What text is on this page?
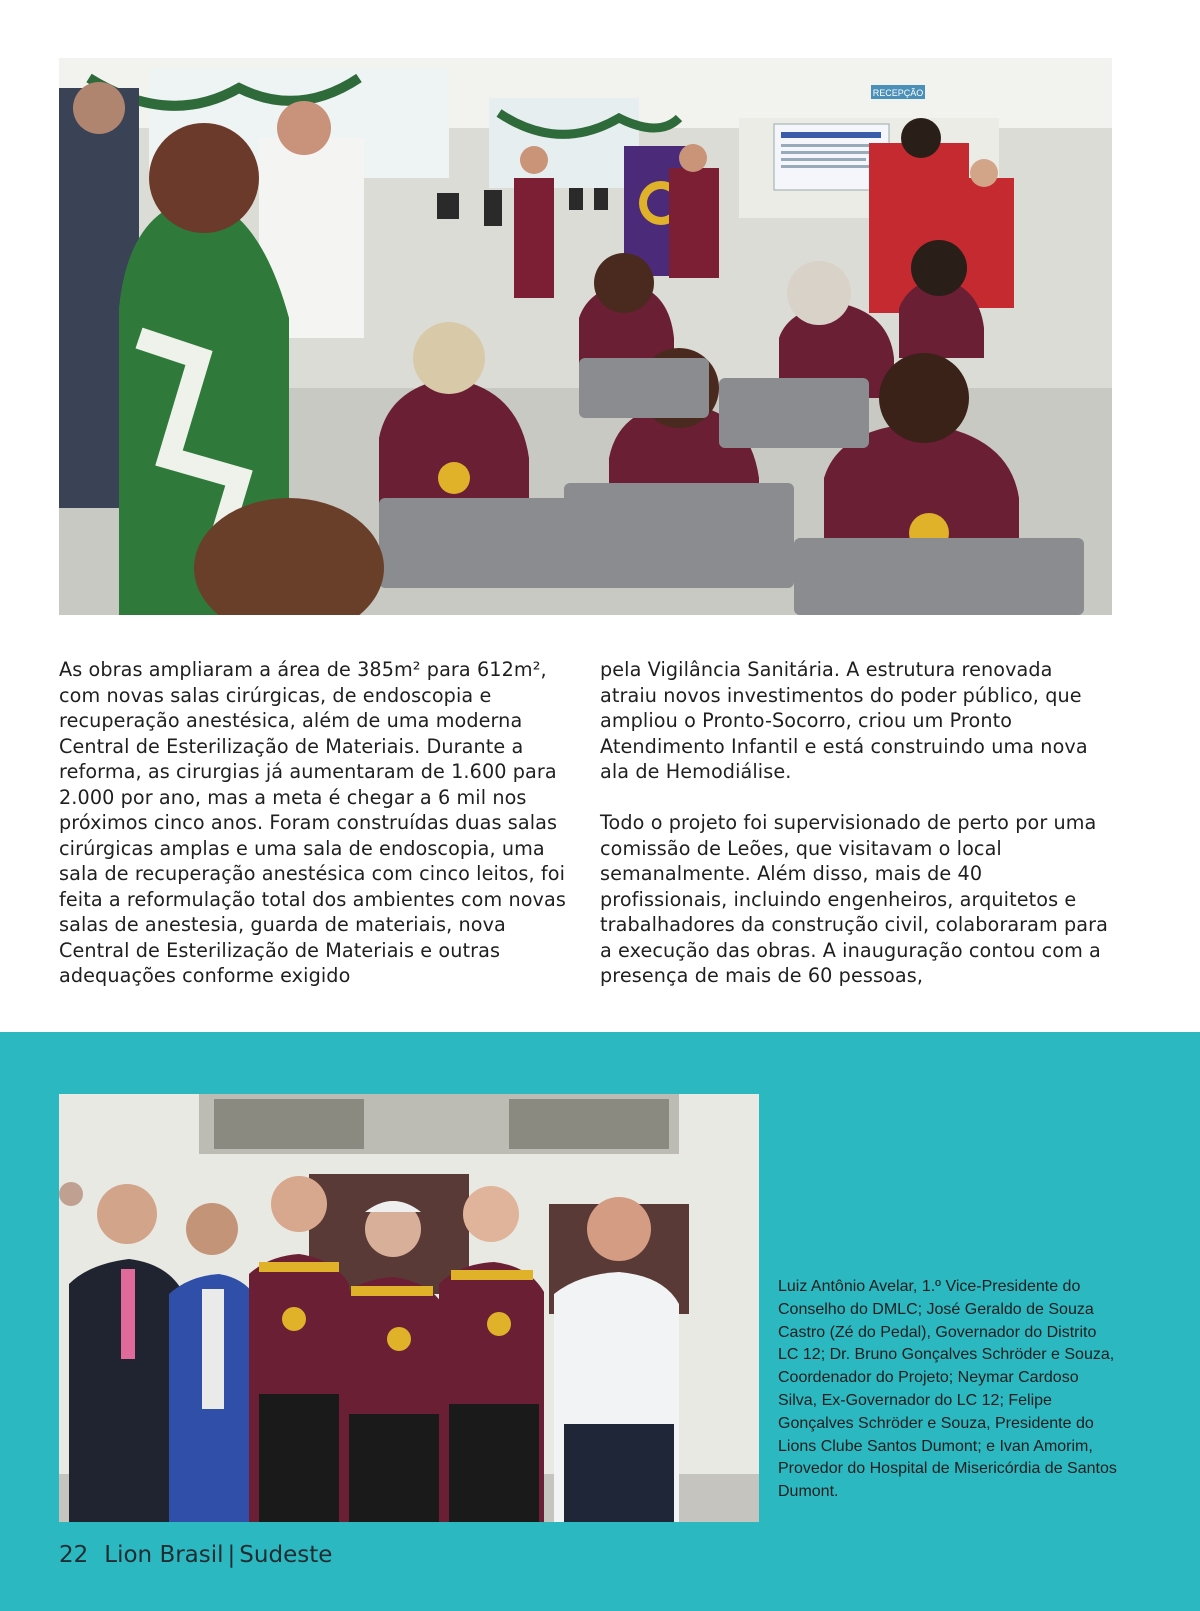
RECEPÇÃO

As obras ampliaram a área de 385m² para 612m², com novas salas cirúrgicas, de endoscopia e recuperação anestésica, além de uma moderna Central de Esterilização de Materiais. Durante a reforma, as cirurgias já aumentaram de 1.600 para 2.000 por ano, mas a meta é chegar a 6 mil nos próximos cinco anos. Foram construídas duas salas cirúrgicas amplas e uma sala de endoscopia, uma sala de recuperação anestésica com cinco leitos, foi feita a reformulação total dos ambientes com novas salas de anestesia, guarda de materiais, nova Central de Esterilização de Materiais e outras adequações conforme exigido

pela Vigilância Sanitária. A estrutura renovada atraiu novos investimentos do poder público, que ampliou o Pronto-Socorro, criou um Pronto Atendimento Infantil e está construindo uma nova ala de Hemodiálise.

Todo o projeto foi supervisionado de perto por uma comissão de Leões, que visitavam o local semanalmente. Além disso, mais de 40 profissionais, incluindo engenheiros, arquitetos e trabalhadores da construção civil, colaboraram para a execução das obras. A inauguração contou com a presença de mais de 60 pessoas,

Luiz Antônio Avelar, 1.º Vice-Presidente do Conselho do DMLC; José Geraldo de Souza Castro (Zé do Pedal), Governador do Distrito LC 12; Dr. Bruno Gonçalves Schröder e Souza, Coordenador do Projeto; Neymar Cardoso Silva, Ex-Governador do LC 12; Felipe Gonçalves Schröder e Souza, Presidente do Lions Clube Santos Dumont; e Ivan Amorim, Provedor do Hospital de Misericórdia de Santos Dumont.
22 Lion Brasil | Sudeste
